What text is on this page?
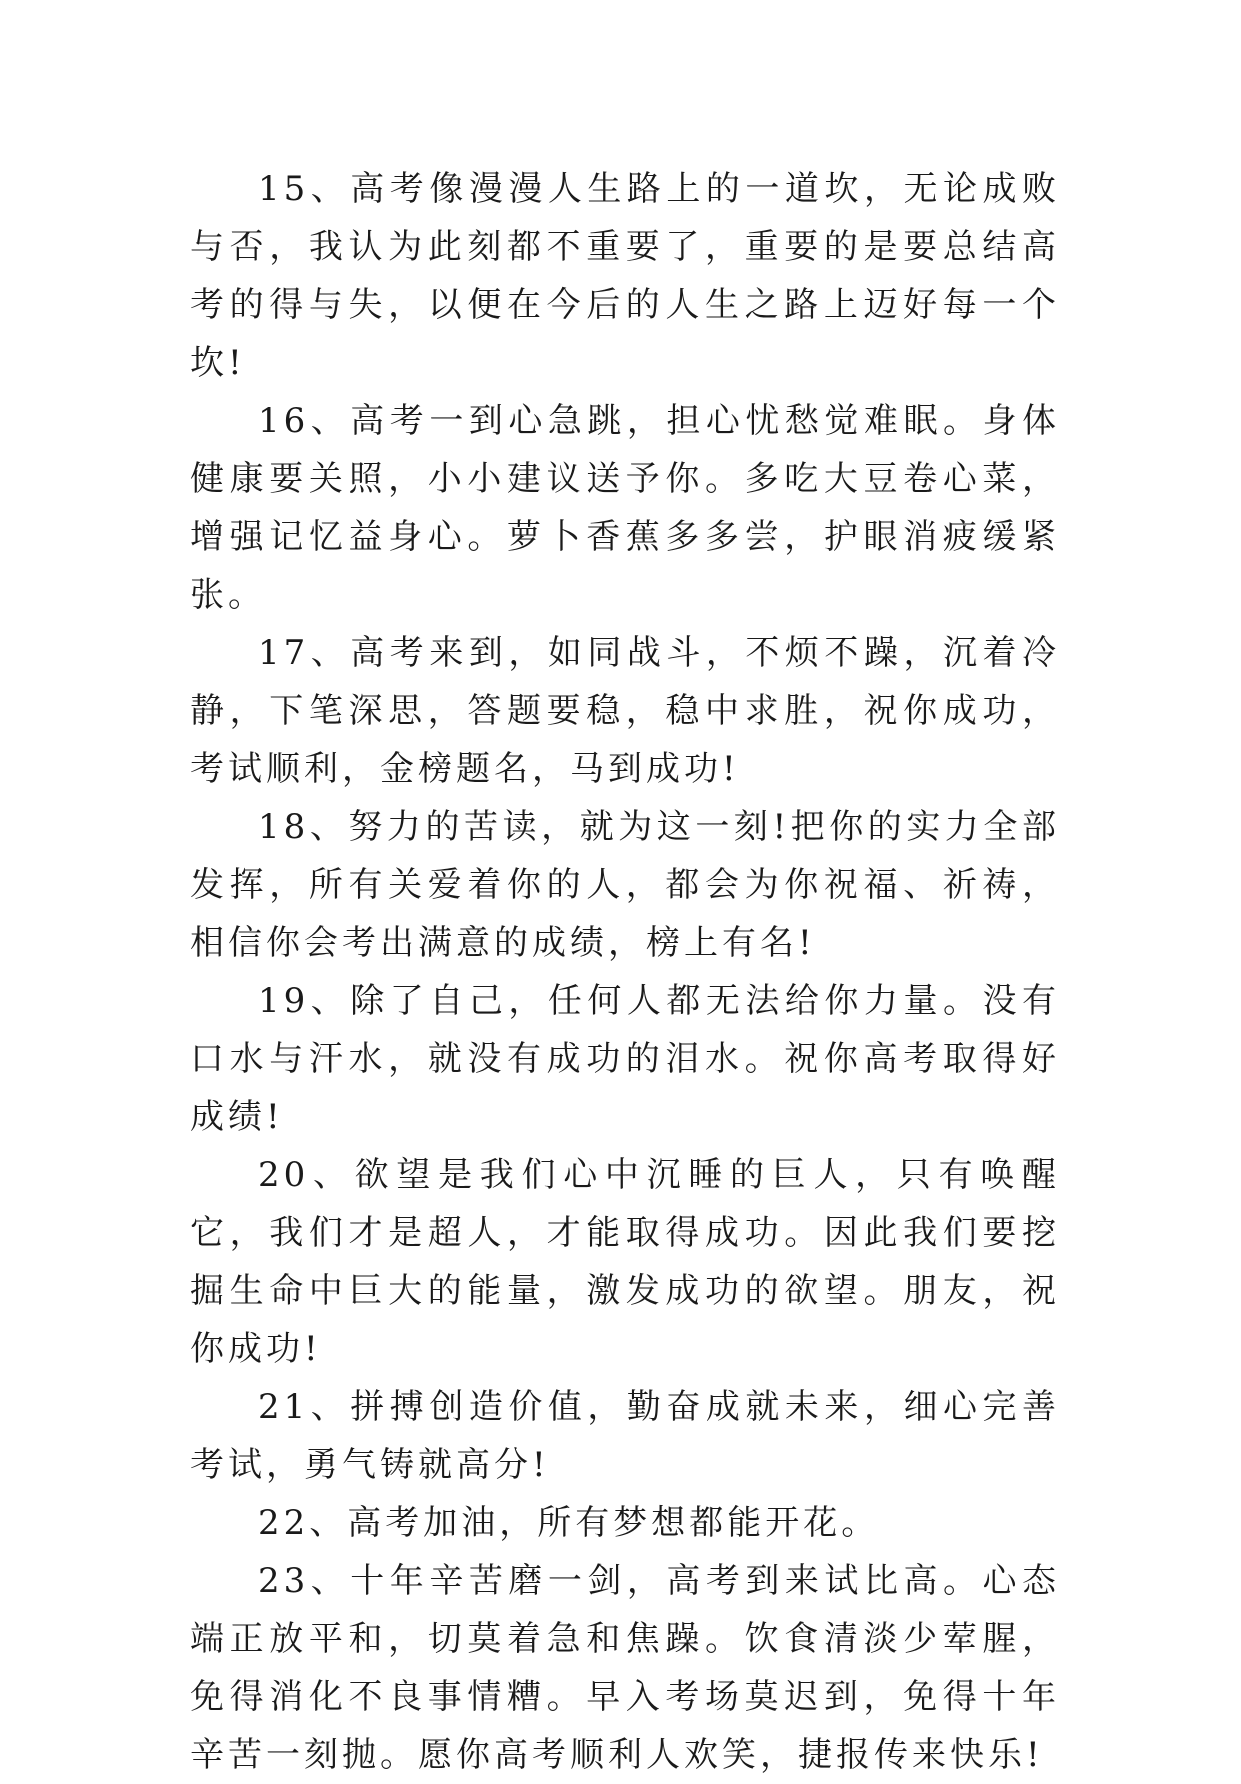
15、高考像漫漫人生路上的一道坎，无论成败与否，我认为此刻都不重要了，重要的是要总结高考的得与失，以便在今后的人生之路上迈好每一个坎!

16、高考一到心急跳，担心忧愁觉难眠。身体健康要关照，小小建议送予你。多吃大豆卷心菜，增强记忆益身心。萝卜香蕉多多尝，护眼消疲缓紧张。

17、高考来到，如同战斗，不烦不躁，沉着冷静，下笔深思，答题要稳，稳中求胜，祝你成功，考试顺利，金榜题名，马到成功!

18、努力的苦读，就为这一刻!把你的实力全部发挥，所有关爱着你的人，都会为你祝福、祈祷，相信你会考出满意的成绩，榜上有名!

19、除了自己，任何人都无法给你力量。没有口水与汗水，就没有成功的泪水。祝你高考取得好成绩!

20、欲望是我们心中沉睡的巨人，只有唤醒它，我们才是超人，才能取得成功。因此我们要挖掘生命中巨大的能量，激发成功的欲望。朋友，祝你成功!

21、拼搏创造价值，勤奋成就未来，细心完善考试，勇气铸就高分!

22、高考加油，所有梦想都能开花。

23、十年辛苦磨一剑，高考到来试比高。心态端正放平和，切莫着急和焦躁。饮食清淡少荤腥，免得消化不良事情糟。早入考场莫迟到，免得十年辛苦一刻抛。愿你高考顺利人欢笑，捷报传来快乐!
